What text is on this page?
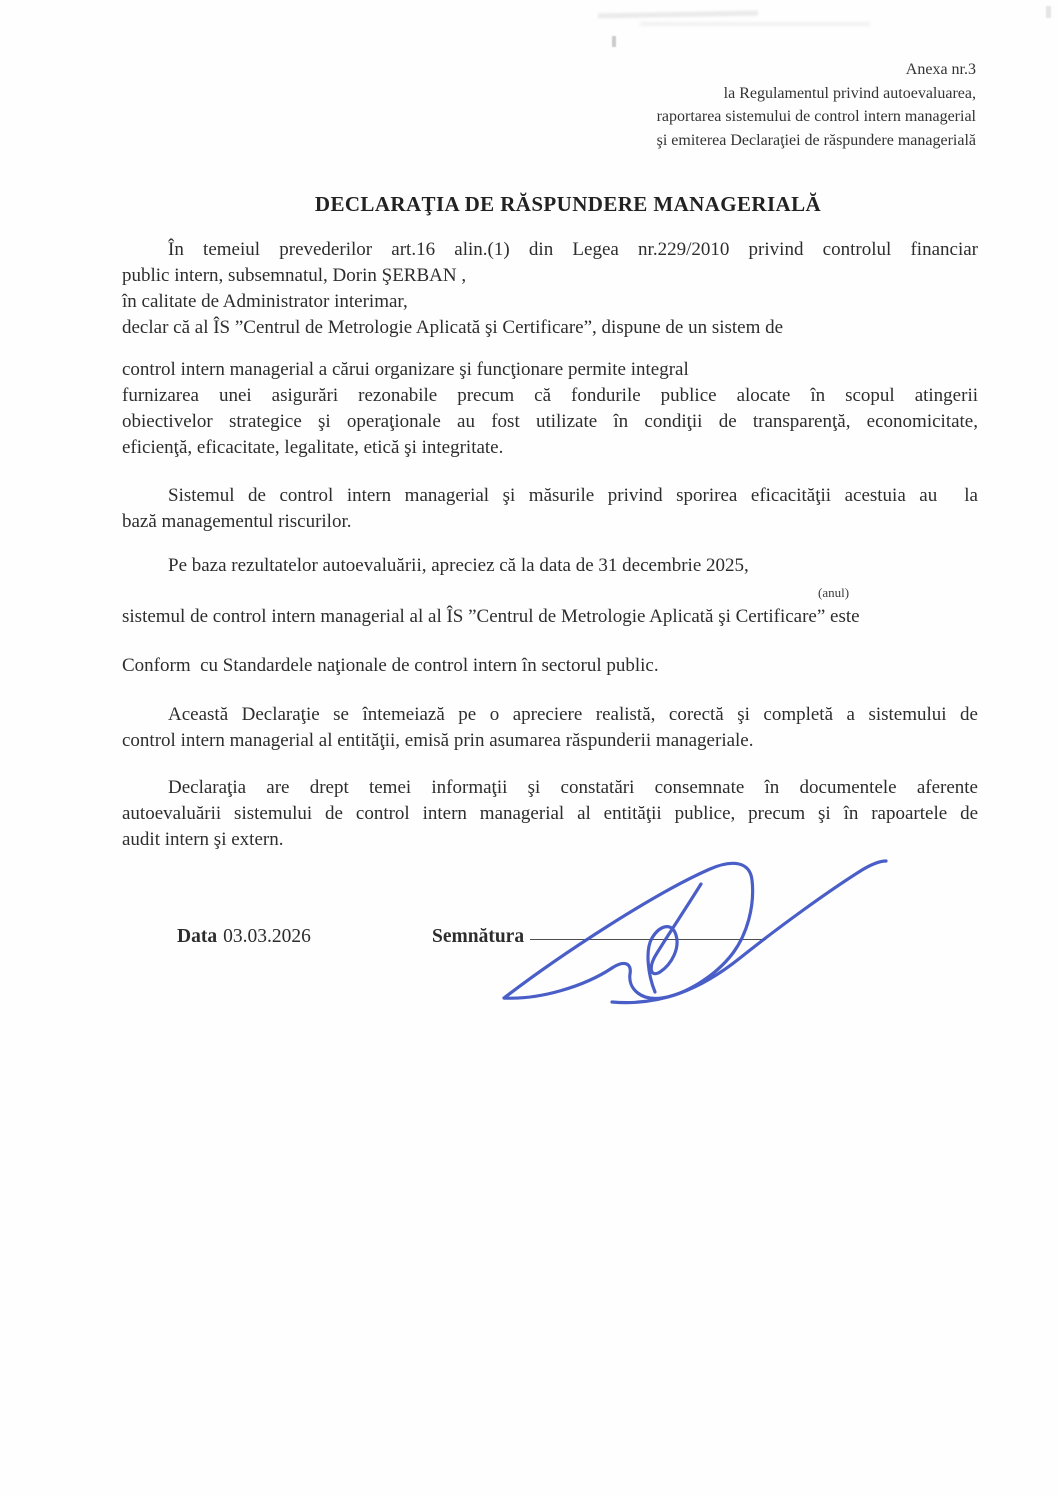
Anexa nr.3
la Regulamentul privind autoevaluarea,
raportarea sistemului de control intern managerial
şi emiterea Declaraţiei de răspundere managerială
DECLARAŢIA DE RĂSPUNDERE MANAGERIALĂ
În temeiul prevederilor art.16 alin.(1) din Legea nr.229/2010 privind controlul financiar
public intern, subsemnatul, Dorin ŞERBAN ,
în calitate de Administrator interimar,
declar că al ÎS ”Centrul de Metrologie Aplicată şi Certificare”, dispune de un sistem de
control intern managerial a cărui organizare şi funcţionare permite integral
furnizarea unei asigurări rezonabile precum că fondurile publice alocate în scopul atingerii
obiectivelor strategice şi operaţionale au fost utilizate în condiţii de transparenţă, economicitate,
eficienţă, eficacitate, legalitate, etică şi integritate.
Sistemul de control intern managerial şi măsurile privind sporirea eficacităţii acestuia au  la
bază managementul riscurilor.
Pe baza rezultatelor autoevaluării, apreciez că la data de 31 decembrie 2025,
(anul)
sistemul de control intern managerial al al ÎS ”Centrul de Metrologie Aplicată şi Certificare” este
Conform  cu Standardele naţionale de control intern în sectorul public.
Această Declaraţie se întemeiază pe o apreciere realistă, corectă şi completă a sistemului de
control intern managerial al entităţii, emisă prin asumarea răspunderii manageriale.
Declaraţia are drept temei informaţii şi constatări consemnate în documentele aferente
autoevaluării sistemului de control intern managerial al entităţii publice, precum şi în rapoartele de
audit intern şi extern.
Data 03.03.2026	Semnătura
